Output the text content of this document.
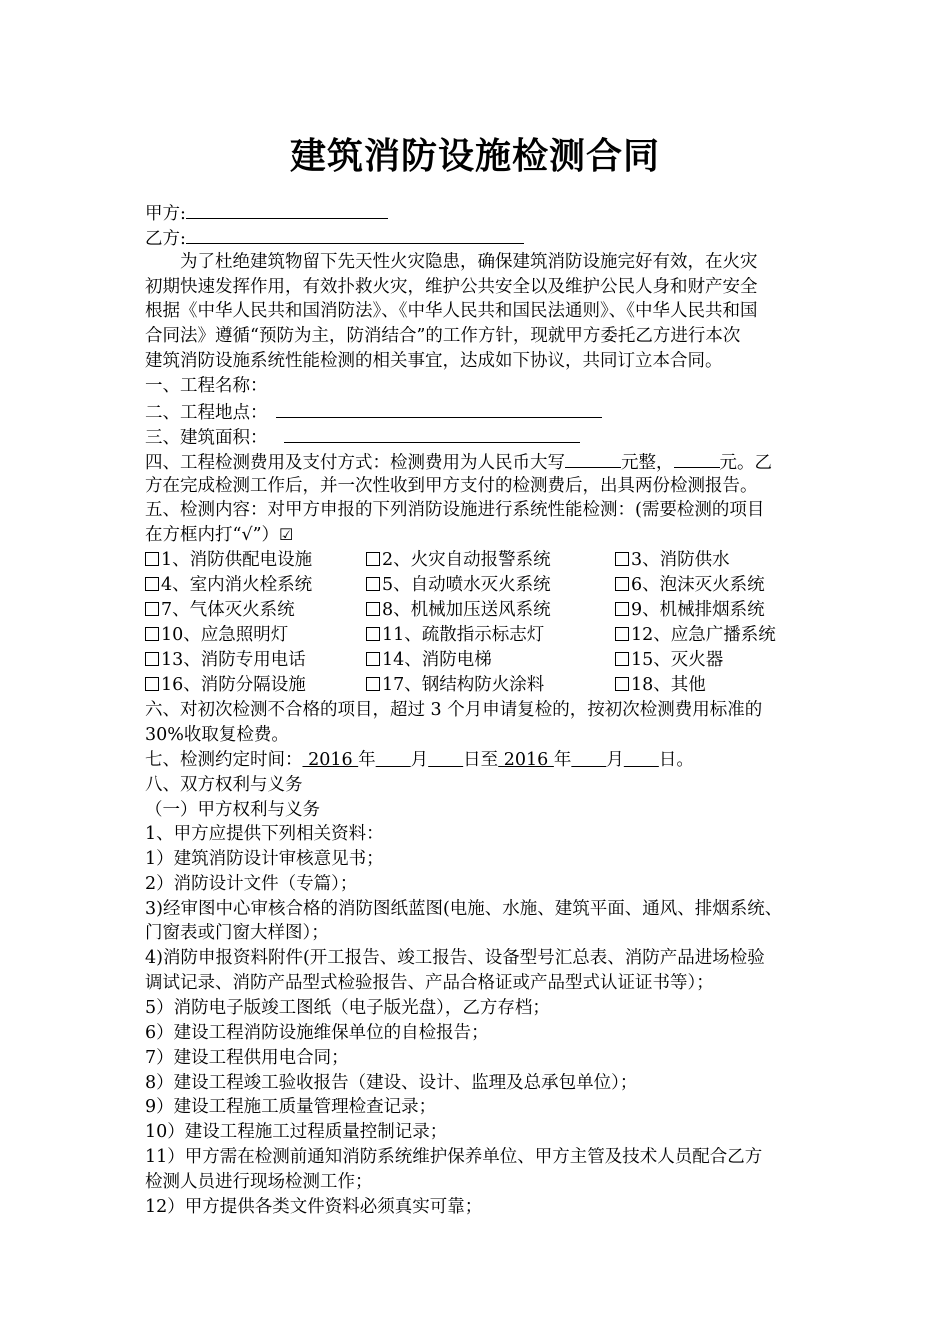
建筑消防设施检测合同
甲方:
乙方:
　　为了杜绝建筑物留下先天性火灾隐患，确保建筑消防设施完好有效，在火灾
初期快速发挥作用，有效扑救火灾，维护公共安全以及维护公民人身和财产安全
根据《中华人民共和国消防法》、《中华人民共和国民法通则》、《中华人民共和国
合同法》遵循“预防为主，防消结合”的工作方针，现就甲方委托乙方进行本次
建筑消防设施系统性能检测的相关事宜，达成如下协议，共同订立本合同。
一、工程名称：
二、工程地点：
三、建筑面积：
四、工程检测费用及支付方式：检测费用为人民币大写	元整，	元。乙
方在完成检测工作后，并一次性收到甲方支付的检测费后，出具两份检测报告。
五、检测内容：对甲方申报的下列消防设施进行系统性能检测：(需要检测的项目
在方框内打“√”）☑
1、消防供配电设施	2、火灾自动报警系统	3、消防供水
4、室内消火栓系统	5、自动喷水灭火系统	6、泡沫灭火系统
7、气体灭火系统	8、机械加压送风系统	9、机械排烟系统
10、应急照明灯	11、疏散指示标志灯	12、应急广播系统
13、消防专用电话	14、消防电梯	15、灭火器
16、消防分隔设施	17、钢结构防火涂料	18、其他
六、对初次检测不合格的项目，超过 3 个月申请复检的，按初次检测费用标准的
30%收取复检费。
七、检测约定时间： 2016 年　　 月　　 日至 2016 年　　 月　　 日。
八、双方权利与义务
（一）甲方权利与义务
1、甲方应提供下列相关资料：
1）建筑消防设计审核意见书；
2）消防设计文件（专篇）；
3)经审图中心审核合格的消防图纸蓝图(电施、水施、建筑平面、通风、排烟系统、
门窗表或门窗大样图）；
4)消防申报资料附件(开工报告、竣工报告、设备型号汇总表、消防产品进场检验
调试记录、消防产品型式检验报告、产品合格证或产品型式认证证书等）；
5）消防电子版竣工图纸（电子版光盘），乙方存档；
6）建设工程消防设施维保单位的自检报告；
7）建设工程供用电合同；
8）建设工程竣工验收报告（建设、设计、监理及总承包单位）；
9）建设工程施工质量管理检查记录；
10）建设工程施工过程质量控制记录；
11）甲方需在检测前通知消防系统维护保养单位、甲方主管及技术人员配合乙方
检测人员进行现场检测工作；
12）甲方提供各类文件资料必须真实可靠；
